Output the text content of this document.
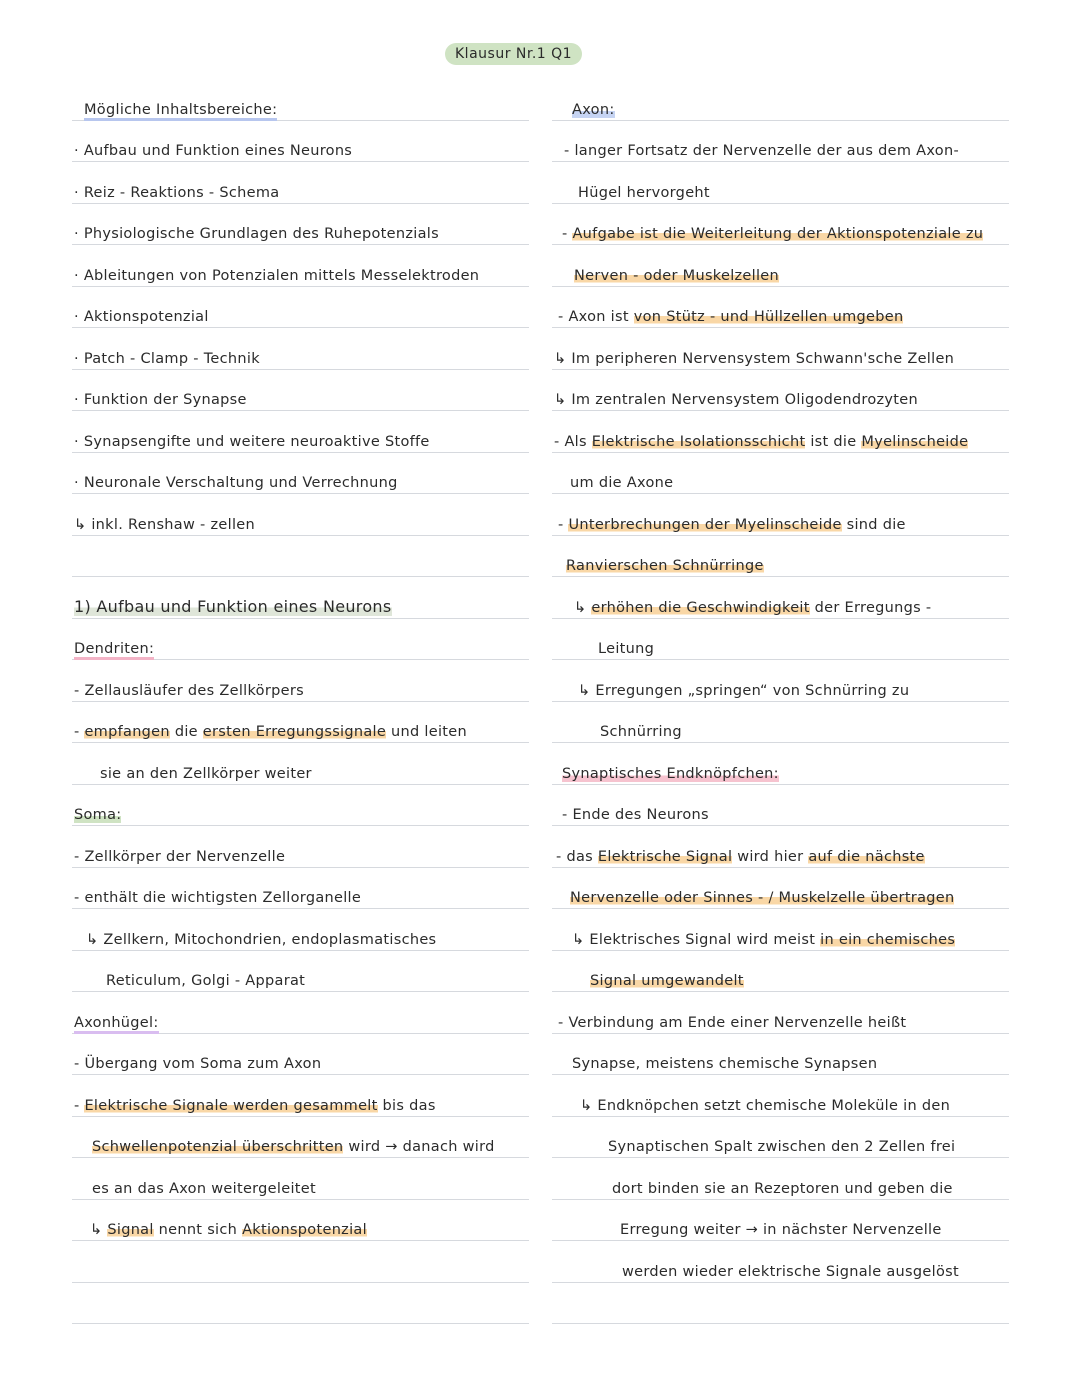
Klausur Nr.1 Q1
Mögliche Inhaltsbereiche:
· Aufbau und Funktion eines Neurons
· Reiz - Reaktions - Schema
· Physiologische Grundlagen des Ruhepotenzials
· Ableitungen von Potenzialen mittels Messelektroden
· Aktionspotenzial
· Patch - Clamp - Technik
· Funktion der Synapse
· Synapsengifte und weitere neuroaktive Stoffe
· Neuronale Verschaltung und Verrechnung
↳ inkl. Renshaw - zellen
1) Aufbau und Funktion eines Neurons
Dendriten:
- Zellausläufer des Zellkörpers
- empfangen die ersten Erregungssignale und leiten
sie an den Zellkörper weiter
Soma:
- Zellkörper der Nervenzelle
- enthält die wichtigsten Zellorganelle
↳ Zellkern, Mitochondrien, endoplasmatisches
Reticulum, Golgi - Apparat
Axonhügel:
- Übergang vom Soma zum Axon
- Elektrische Signale werden gesammelt bis das
Schwellenpotenzial überschritten wird → danach wird
es an das Axon weitergeleitet
↳ Signal nennt sich Aktionspotenzial
Axon:
- langer Fortsatz der Nervenzelle der aus dem Axon-
Hügel hervorgeht
- Aufgabe ist die Weiterleitung der Aktionspotenziale zu
Nerven - oder Muskelzellen
- Axon ist von Stütz - und Hüllzellen umgeben
↳ Im peripheren Nervensystem Schwann'sche Zellen
↳ Im zentralen Nervensystem Oligodendrozyten
- Als Elektrische Isolationsschicht ist die Myelinscheide
um die Axone
- Unterbrechungen der Myelinscheide sind die
Ranvierschen Schnürringe
↳ erhöhen die Geschwindigkeit der Erregungs -
Leitung
↳ Erregungen „springen“ von Schnürring zu
Schnürring
Synaptisches Endknöpfchen:
- Ende des Neurons
- das Elektrische Signal wird hier auf die nächste
Nervenzelle oder Sinnes - / Muskelzelle übertragen
↳ Elektrisches Signal wird meist in ein chemisches
Signal umgewandelt
- Verbindung am Ende einer Nervenzelle heißt
Synapse, meistens chemische Synapsen
↳ Endknöpchen setzt chemische Moleküle in den
Synaptischen Spalt zwischen den 2 Zellen frei
dort binden sie an Rezeptoren und geben die
Erregung weiter → in nächster Nervenzelle
werden wieder elektrische Signale ausgelöst
